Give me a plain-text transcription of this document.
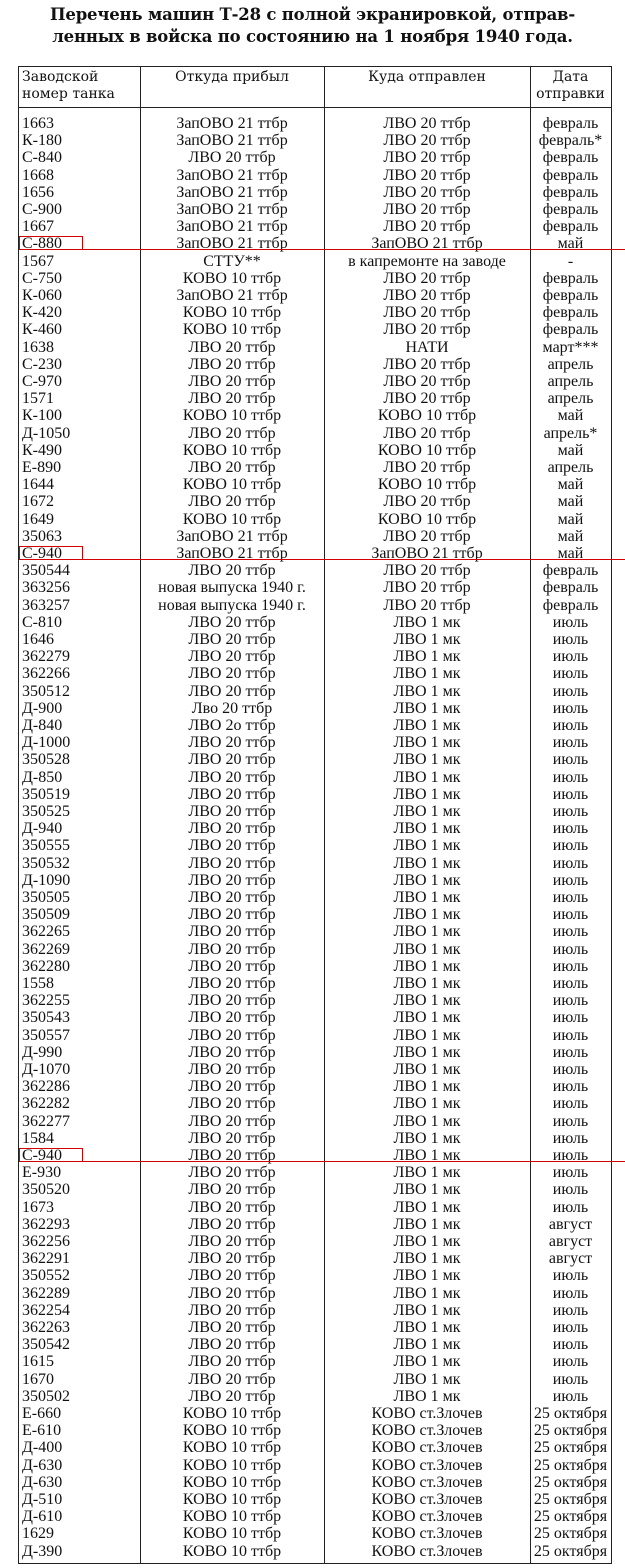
Перечень машин Т-28 с полной экранировкой, отправ-
ленных в войска по состоянию на 1 ноября 1940 года.
Заводской
номер танка
Откуда прибыл	Куда отправлен	Дата
отправки
1663	ЗапОВО 21 ттбр	ЛВО 20 ттбр	февраль
К-180	ЗапОВО 21 ттбр	ЛВО 20 ттбр	февраль*
С-840	ЛВО 20 ттбр	ЛВО 20 ттбр	февраль
1668	ЗапОВО 21 ттбр	ЛВО 20 ттбр	февраль
1656	ЗапОВО 21 ттбр	ЛВО 20 ттбр	февраль
С-900	ЗапОВО 21 ттбр	ЛВО 20 ттбр	февраль
1667	ЗапОВО 21 ттбр	ЛВО 20 ттбр	февраль
С-880	ЗапОВО 21 ттбр	ЗапОВО 21 ттбр	май
1567	СТТУ**	в капремонте на заводе	-
С-750	КОВО 10 ттбр	ЛВО 20 ттбр	февраль
К-060	ЗапОВО 21 ттбр	ЛВО 20 ттбр	февраль
К-420	КОВО 10 ттбр	ЛВО 20 ттбр	февраль
К-460	КОВО 10 ттбр	ЛВО 20 ттбр	февраль
1638	ЛВО 20 ттбр	НАТИ	март***
С-230	ЛВО 20 ттбр	ЛВО 20 ттбр	апрель
С-970	ЛВО 20 ттбр	ЛВО 20 ттбр	апрель
1571	ЛВО 20 ттбр	ЛВО 20 ттбр	апрель
К-100	КОВО 10 ттбр	КОВО 10 ттбр	май
Д-1050	ЛВО 20 ттбр	ЛВО 20 ттбр	апрель*
К-490	КОВО 10 ттбр	КОВО 10 ттбр	май
Е-890	ЛВО 20 ттбр	ЛВО 20 ттбр	апрель
1644	КОВО 10 ттбр	КОВО 10 ттбр	май
1672	ЛВО 20 ттбр	ЛВО 20 ттбр	май
1649	КОВО 10 ттбр	КОВО 10 ттбр	май
35063	ЗапОВО 21 ттбр	ЛВО 20 ттбр	май
С-940	ЗапОВО 21 ттбр	ЗапОВО 21 ттбр	май
350544	ЛВО 20 ттбр	ЛВО 20 ттбр	февраль
363256	новая выпуска 1940 г.	ЛВО 20 ттбр	февраль
363257	новая выпуска 1940 г.	ЛВО 20 ттбр	февраль
С-810	ЛВО 20 ттбр	ЛВО 1 мк	июль
1646	ЛВО 20 ттбр	ЛВО 1 мк	июль
362279	ЛВО 20 ттбр	ЛВО 1 мк	июль
362266	ЛВО 20 ттбр	ЛВО 1 мк	июль
350512	ЛВО 20 ттбр	ЛВО 1 мк	июль
Д-900	Лво 20 ттбр	ЛВО 1 мк	июль
Д-840	ЛВО 2о ттбр	ЛВО 1 мк	июль
Д-1000	ЛВО 20 ттбр	ЛВО 1 мк	июль
350528	ЛВО 20 ттбр	ЛВО 1 мк	июль
Д-850	ЛВО 20 ттбр	ЛВО 1 мк	июль
350519	ЛВО 20 ттбр	ЛВО 1 мк	июль
350525	ЛВО 20 ттбр	ЛВО 1 мк	июль
Д-940	ЛВО 20 ттбр	ЛВО 1 мк	июль
350555	ЛВО 20 ттбр	ЛВО 1 мк	июль
350532	ЛВО 20 ттбр	ЛВО 1 мк	июль
Д-1090	ЛВО 20 ттбр	ЛВО 1 мк	июль
350505	ЛВО 20 ттбр	ЛВО 1 мк	июль
350509	ЛВО 20 ттбр	ЛВО 1 мк	июль
362265	ЛВО 20 ттбр	ЛВО 1 мк	июль
362269	ЛВО 20 ттбр	ЛВО 1 мк	июль
362280	ЛВО 20 ттбр	ЛВО 1 мк	июль
1558	ЛВО 20 ттбр	ЛВО 1 мк	июль
362255	ЛВО 20 ттбр	ЛВО 1 мк	июль
350543	ЛВО 20 ттбр	ЛВО 1 мк	июль
350557	ЛВО 20 ттбр	ЛВО 1 мк	июль
Д-990	ЛВО 20 ттбр	ЛВО 1 мк	июль
Д-1070	ЛВО 20 ттбр	ЛВО 1 мк	июль
362286	ЛВО 20 ттбр	ЛВО 1 мк	июль
362282	ЛВО 20 ттбр	ЛВО 1 мк	июль
362277	ЛВО 20 ттбр	ЛВО 1 мк	июль
1584	ЛВО 20 ттбр	ЛВО 1 мк	июль
С-940	ЛВО 20 ттбр	ЛВО 1 мк	июль
Е-930	ЛВО 20 ттбр	ЛВО 1 мк	июль
350520	ЛВО 20 ттбр	ЛВО 1 мк	июль
1673	ЛВО 20 ттбр	ЛВО 1 мк	июль
362293	ЛВО 20 ттбр	ЛВО 1 мк	август
362256	ЛВО 20 ттбр	ЛВО 1 мк	август
362291	ЛВО 20 ттбр	ЛВО 1 мк	август
350552	ЛВО 20 ттбр	ЛВО 1 мк	июль
362289	ЛВО 20 ттбр	ЛВО 1 мк	июль
362254	ЛВО 20 ттбр	ЛВО 1 мк	июль
362263	ЛВО 20 ттбр	ЛВО 1 мк	июль
350542	ЛВО 20 ттбр	ЛВО 1 мк	июль
1615	ЛВО 20 ттбр	ЛВО 1 мк	июль
1670	ЛВО 20 ттбр	ЛВО 1 мк	июль
350502	ЛВО 20 ттбр	ЛВО 1 мк	июль
Е-660	КОВО 10 ттбр	КОВО ст.Злочев	25 октября
Е-610	КОВО 10 ттбр	КОВО ст.Злочев	25 октября
Д-400	КОВО 10 ттбр	КОВО ст.Злочев	25 октября
Д-630	КОВО 10 ттбр	КОВО ст.Злочев	25 октября
Д-630	КОВО 10 ттбр	КОВО ст.Злочев	25 октября
Д-510	КОВО 10 ттбр	КОВО ст.Злочев	25 октября
Д-610	КОВО 10 ттбр	КОВО ст.Злочев	25 октября
1629	КОВО 10 ттбр	КОВО ст.Злочев	25 октября
Д-390	КОВО 10 ттбр	КОВО ст.Злочев	25 октября
